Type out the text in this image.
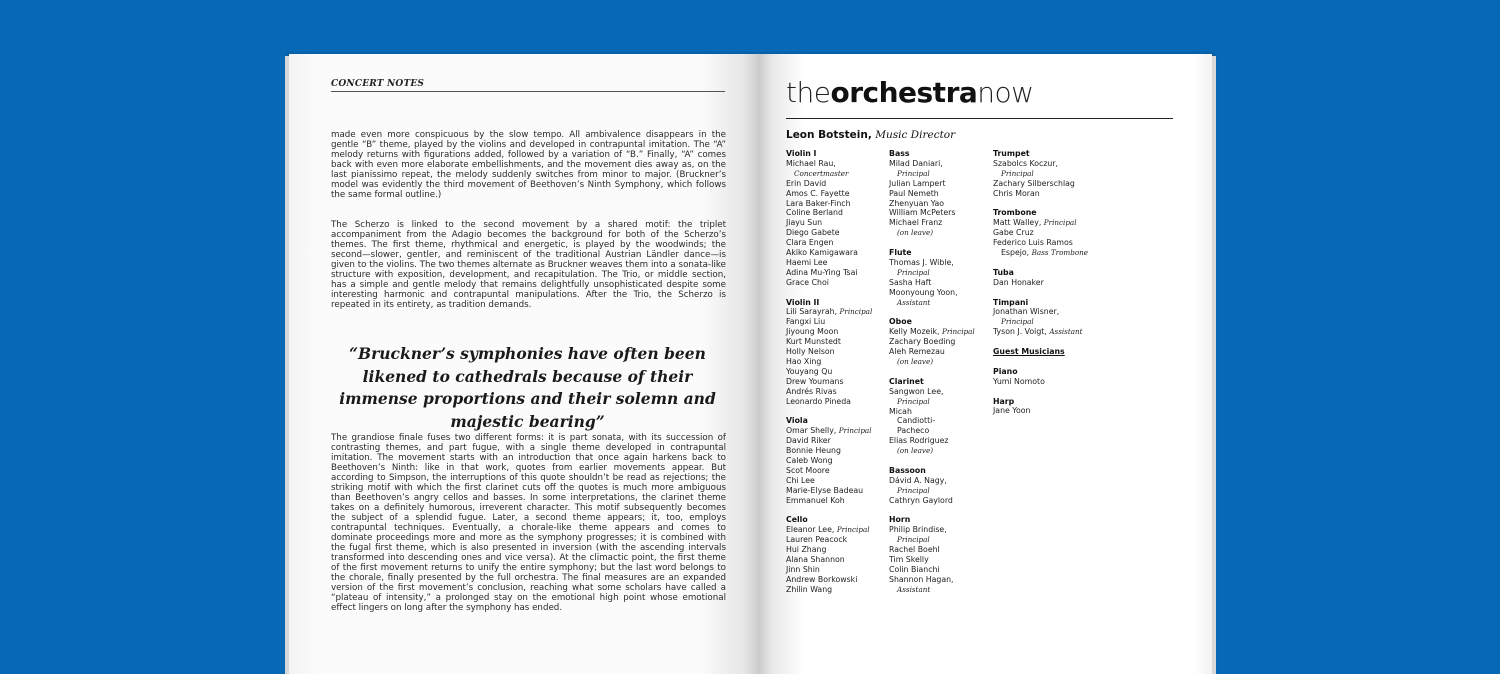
CONCERT NOTES

made even more conspicuous by the slow tempo. All ambivalence disappears in the gentle “B” theme, played by the violins and developed in contrapuntal imitation. The “A” melody returns with figurations added, followed by a variation of “B.” Finally, “A” comes back with even more elaborate embellishments, and the movement dies away as, on the last pianissimo repeat, the melody suddenly switches from minor to major. (Bruckner’s model was evidently the third movement of Beethoven’s Ninth Symphony, which follows the same formal outline.)

The Scherzo is linked to the second movement by a shared motif: the triplet accompaniment from the Adagio becomes the background for both of the Scherzo’s themes. The first theme, rhythmical and energetic, is played by the woodwinds; the second—slower, gentler, and reminiscent of the traditional Austrian Ländler dance—is given to the violins. The two themes alternate as Bruckner weaves them into a sonata-like structure with exposition, development, and recapitulation. The Trio, or middle section, has a simple and gentle melody that remains delightfully unsophisticated despite some interesting harmonic and contrapuntal manipulations. After the Trio, the Scherzo is repeated in its entirety, as tradition demands.

“Bruckner’s symphonies have often been likened to cathedrals because of their immense proportions and their solemn and majestic bearing”

The grandiose finale fuses two different forms: it is part sonata, with its succession of contrasting themes, and part fugue, with a single theme developed in contrapuntal imitation. The movement starts with an introduction that once again harkens back to Beethoven’s Ninth: like in that work, quotes from earlier movements appear. But according to Simpson, the interruptions of this quote shouldn’t be read as rejections; the striking motif with which the first clarinet cuts off the quotes is much more ambiguous than Beethoven’s angry cellos and basses. In some interpretations, the clarinet theme takes on a definitely humorous, irreverent character. This motif subsequently becomes the subject of a splendid fugue. Later, a second theme appears; it, too, employs contrapuntal techniques. Eventually, a chorale-like theme appears and comes to dominate proceedings more and more as the symphony progresses; it is combined with the fugal first theme, which is also presented in inversion (with the ascending intervals transformed into descending ones and vice versa). At the climactic point, the first theme of the first movement returns to unify the entire symphony; but the last word belongs to the chorale, finally presented by the full orchestra. The final measures are an expanded version of the first movement’s conclusion, reaching what some scholars have called a “plateau of intensity,” a prolonged stay on the emotional high point whose emotional effect lingers on long after the symphony has ended.

theorchestranow
Leon Botstein, Music Director
Violin I
Michael Rau,
Concertmaster
Erin David
Amos C. Fayette
Lara Baker-Finch
Coline Berland
Jiayu Sun
Diego Gabete
Clara Engen
Akiko Kamigawara
Haemi Lee
Adina Mu-Ying Tsai
Grace Choi
Violin II
Lili Sarayrah, Principal
Fangxi Liu
Jiyoung Moon
Kurt Munstedt
Holly Nelson
Hao Xing
Youyang Qu
Drew Youmans
Andrés Rivas
Leonardo Pineda
Viola
Omar Shelly, Principal
David Riker
Bonnie Heung
Caleb Wong
Scot Moore
Chi Lee
Marie-Elyse Badeau
Emmanuel Koh
Cello
Eleanor Lee, Principal
Lauren Peacock
Hui Zhang
Alana Shannon
Jinn Shin
Andrew Borkowski
Zhilin Wang
Bass
Milad Daniari,
Principal
Julian Lampert
Paul Nemeth
Zhenyuan Yao
William McPeters
Michael Franz
(on leave)
Flute
Thomas J. Wible,
Principal
Sasha Haft
Moonyoung Yoon,
Assistant
Oboe
Kelly Mozeik, Principal
Zachary Boeding
Aleh Remezau
(on leave)
Clarinet
Sangwon Lee,
Principal
Micah
Candiotti-
Pacheco
Elias Rodriguez
(on leave)
Bassoon
Dávid A. Nagy,
Principal
Cathryn Gaylord
Horn
Philip Brindise,
Principal
Rachel Boehl
Tim Skelly
Colin Bianchi
Shannon Hagan,
Assistant
Trumpet
Szabolcs Koczur,
Principal
Zachary Silberschlag
Chris Moran
Trombone
Matt Walley, Principal
Gabe Cruz
Federico Luis Ramos
Espejo, Bass Trombone
Tuba
Dan Honaker
Timpani
Jonathan Wisner,
Principal
Tyson J. Voigt, Assistant
Guest Musicians
Piano
Yumi Nomoto
Harp
Jane Yoon
